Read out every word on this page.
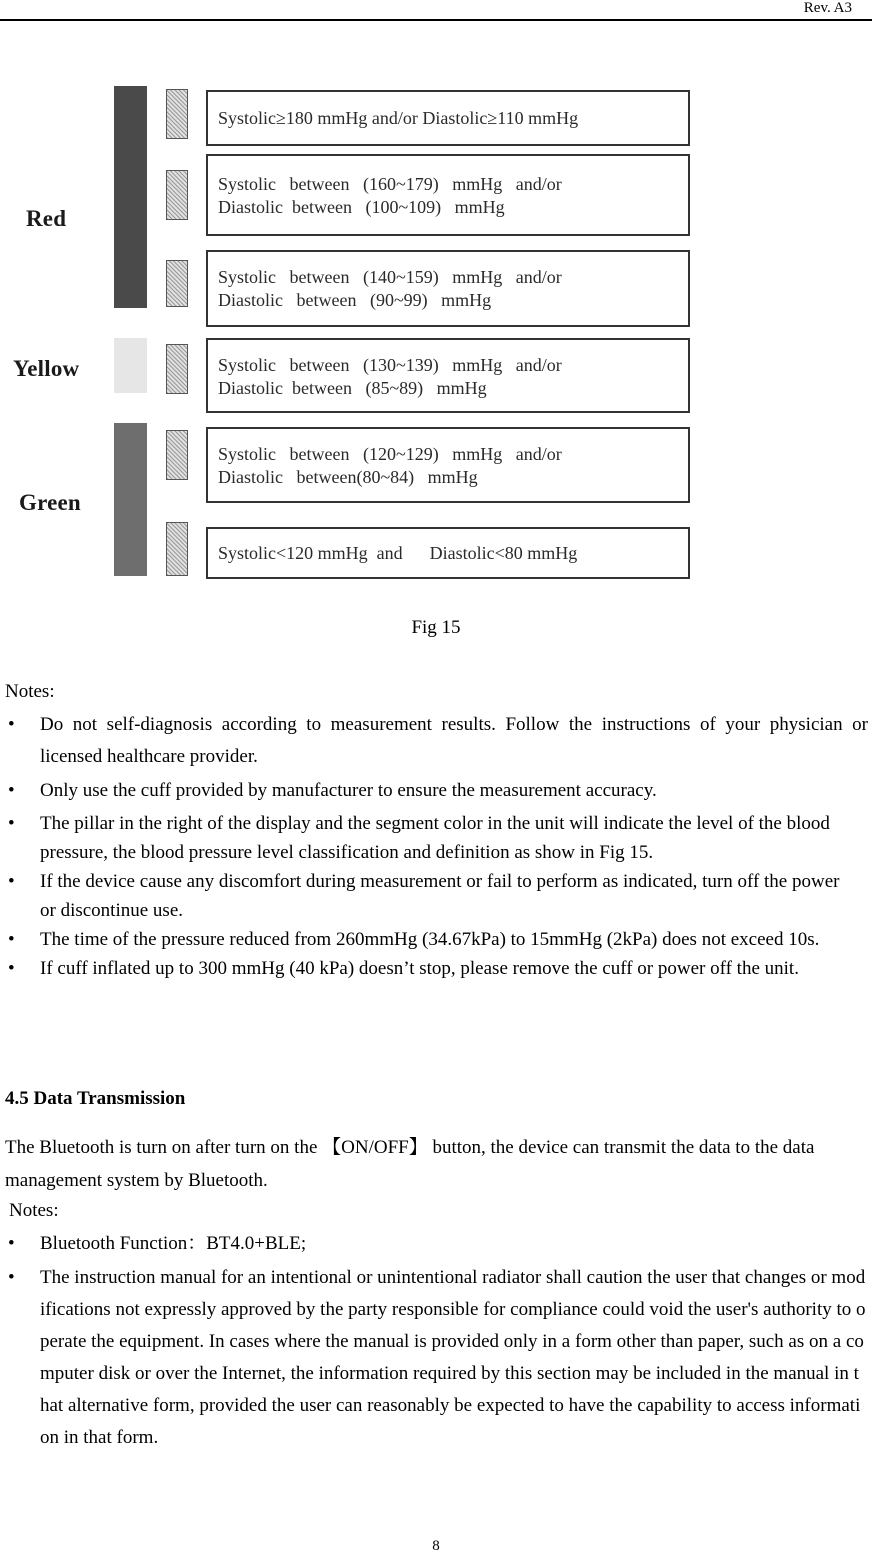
Rev. A3
Red
Yellow
Green
Systolic≥180 mmHg and/or Diastolic≥110 mmHg
Systolic   between   (160~179)   mmHg   and/or
Diastolic  between   (100~109)   mmHg
Systolic   between   (140~159)   mmHg   and/or
Diastolic   between   (90~99)   mmHg
Systolic   between   (130~139)   mmHg   and/or
Diastolic  between   (85~89)   mmHg
Systolic   between   (120~129)   mmHg   and/or
Diastolic   between(80~84)   mmHg
Systolic<120 mmHg  and      Diastolic<80 mmHg
Fig 15
Notes:
• Do not self-diagnosis according to measurement results. Follow the instructions of your physician or licensed healthcare provider.
• Only use the cuff provided by manufacturer to ensure the measurement accuracy.
• The pillar in the right of the display and the segment color in the unit will indicate the level of the blood pressure, the blood pressure level classification and definition as show in Fig 15.
• If the device cause any discomfort during measurement or fail to perform as indicated, turn off the power or discontinue use.
• The time of the pressure reduced from 260mmHg (34.67kPa) to 15mmHg (2kPa) does not exceed 10s.
• If cuff inflated up to 300 mmHg (40 kPa) doesn’t stop, please remove the cuff or power off the unit.
4.5 Data Transmission
The Bluetooth is turn on after turn on the 【ON/OFF】 button, the device can transmit the data to the data management system by Bluetooth.
Notes:
• Bluetooth Function：BT4.0+BLE;
• The instruction manual for an intentional or unintentional radiator shall caution the user that changes or modifications not expressly approved by the party responsible for compliance could void the user's authority to operate the equipment. In cases where the manual is provided only in a form other than paper, such as on a computer disk or over the Internet, the information required by this section may be included in the manual in that alternative form, provided the user can reasonably be expected to have the capability to access information in that form.
8
